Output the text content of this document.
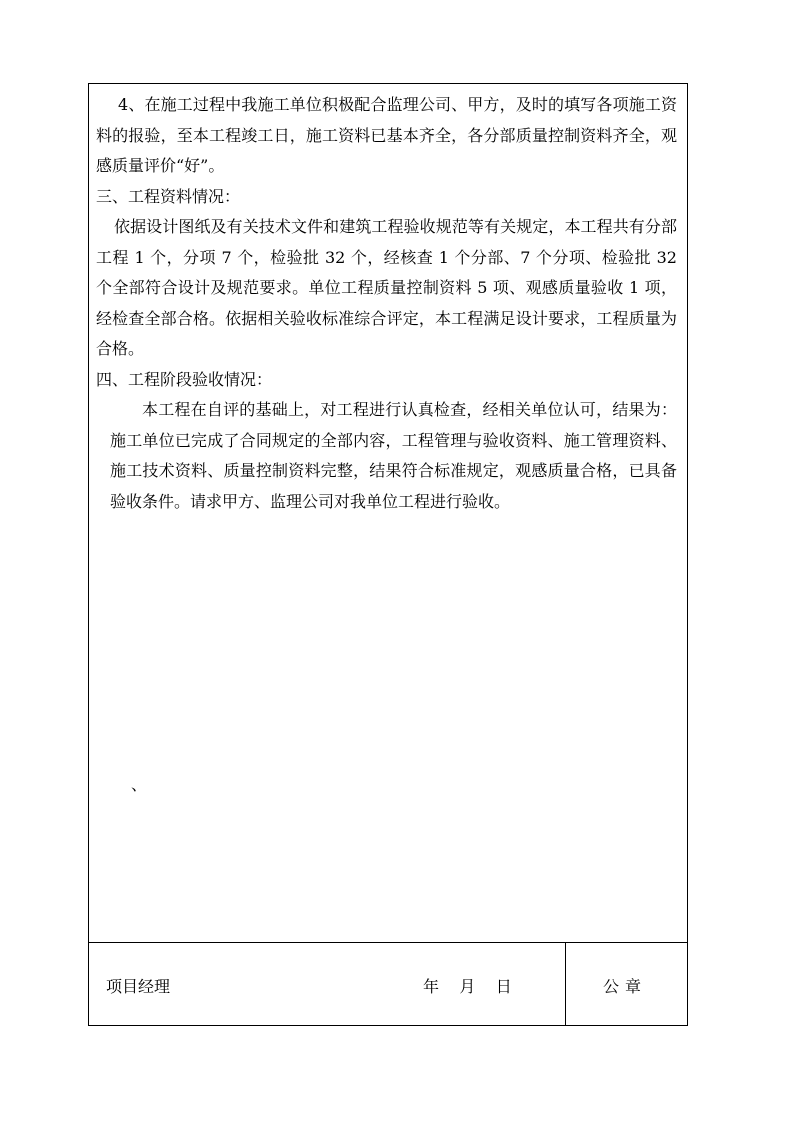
4、在施工过程中我施工单位积极配合监理公司、甲方，及时的填写各项施工资料的报验，至本工程竣工日，施工资料已基本齐全，各分部质量控制资料齐全，观感质量评价“好”。

三、工程资料情况：

依据设计图纸及有关技术文件和建筑工程验收规范等有关规定，本工程共有分部工程 1 个，分项 7 个，检验批 32 个，经核查 1 个分部、7 个分项、检验批 32 个全部符合设计及规范要求。单位工程质量控制资料 5 项、观感质量验收 1 项，经检查全部合格。依据相关验收标准综合评定，本工程满足设计要求，工程质量为合格。

四、工程阶段验收情况：

本工程在自评的基础上，对工程进行认真检查，经相关单位认可，结果为：施工单位已完成了合同规定的全部内容，工程管理与验收资料、施工管理资料、施工技术资料、质量控制资料完整，结果符合标准规定，观感质量合格，已具备验收条件。请求甲方、监理公司对我单位工程进行验收。

、
项目经理	年    月    日	公章
